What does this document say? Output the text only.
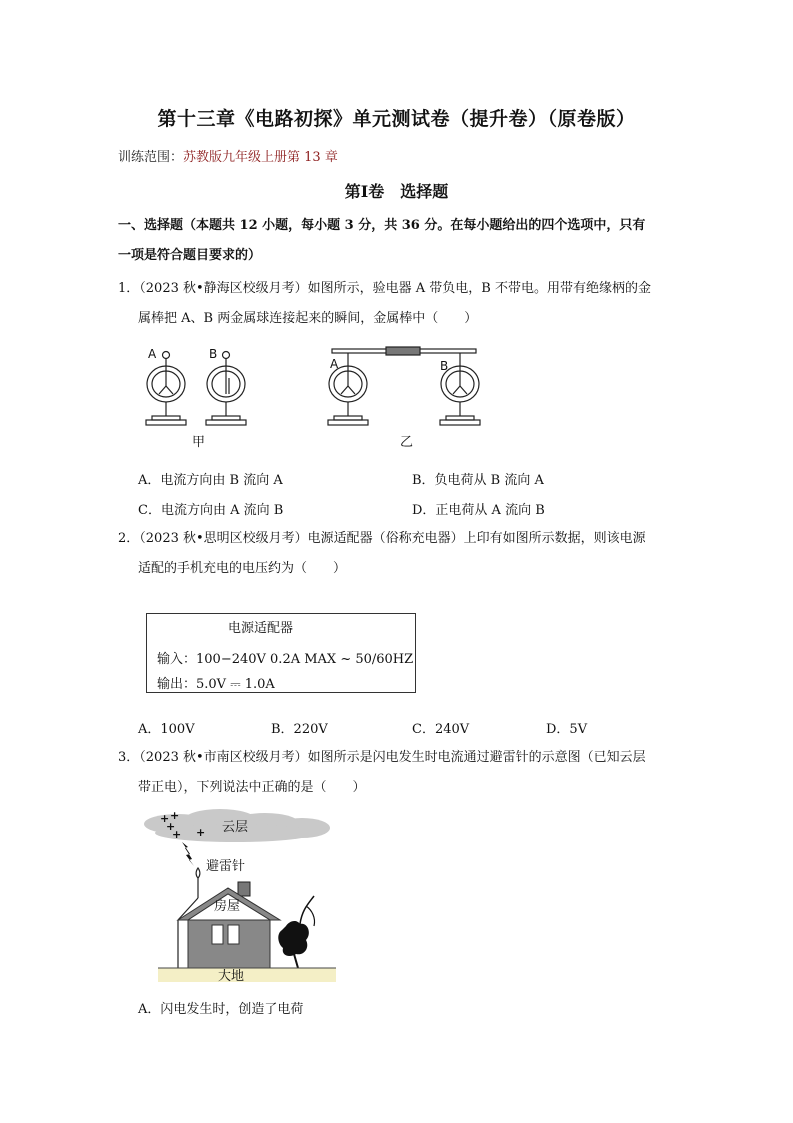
第十三章《电路初探》单元测试卷（提升卷）（原卷版）
训练范围：苏教版九年级上册第 13 章
第Ⅰ卷　选择题
一、选择题（本题共 12 小题，每小题 3 分，共 36 分。在每小题给出的四个选项中，只有
一项是符合题目要求的）
1．（2023 秋•静海区校级月考）如图所示，验电器 A 带负电，B 不带电。用带有绝缘柄的金
属棒把 A、B 两金属球连接起来的瞬间，金属棒中（　　）
A	B
甲
A	B
乙
A．电流方向由 B 流向 A	B．负电荷从 B 流向 A
C．电流方向由 A 流向 B	D．正电荷从 A 流向 B
2．（2023 秋•思明区校级月考）电源适配器（俗称充电器）上印有如图所示数据，则该电源
适配的手机充电的电压约为（　　）
电源适配器
输入：100−240V 0.2A MAX ~ 50/60HZ
输出：5.0V ⎓ 1.0A
A．100V	B．220V	C．240V	D．5V
3．（2023 秋•市南区校级月考）如图所示是闪电发生时电流通过避雷针的示意图（已知云层
带正电），下列说法中正确的是（　　）
+ +
+
+ + 云层
避雷针
房屋
大地
A．闪电发生时，创造了电荷
